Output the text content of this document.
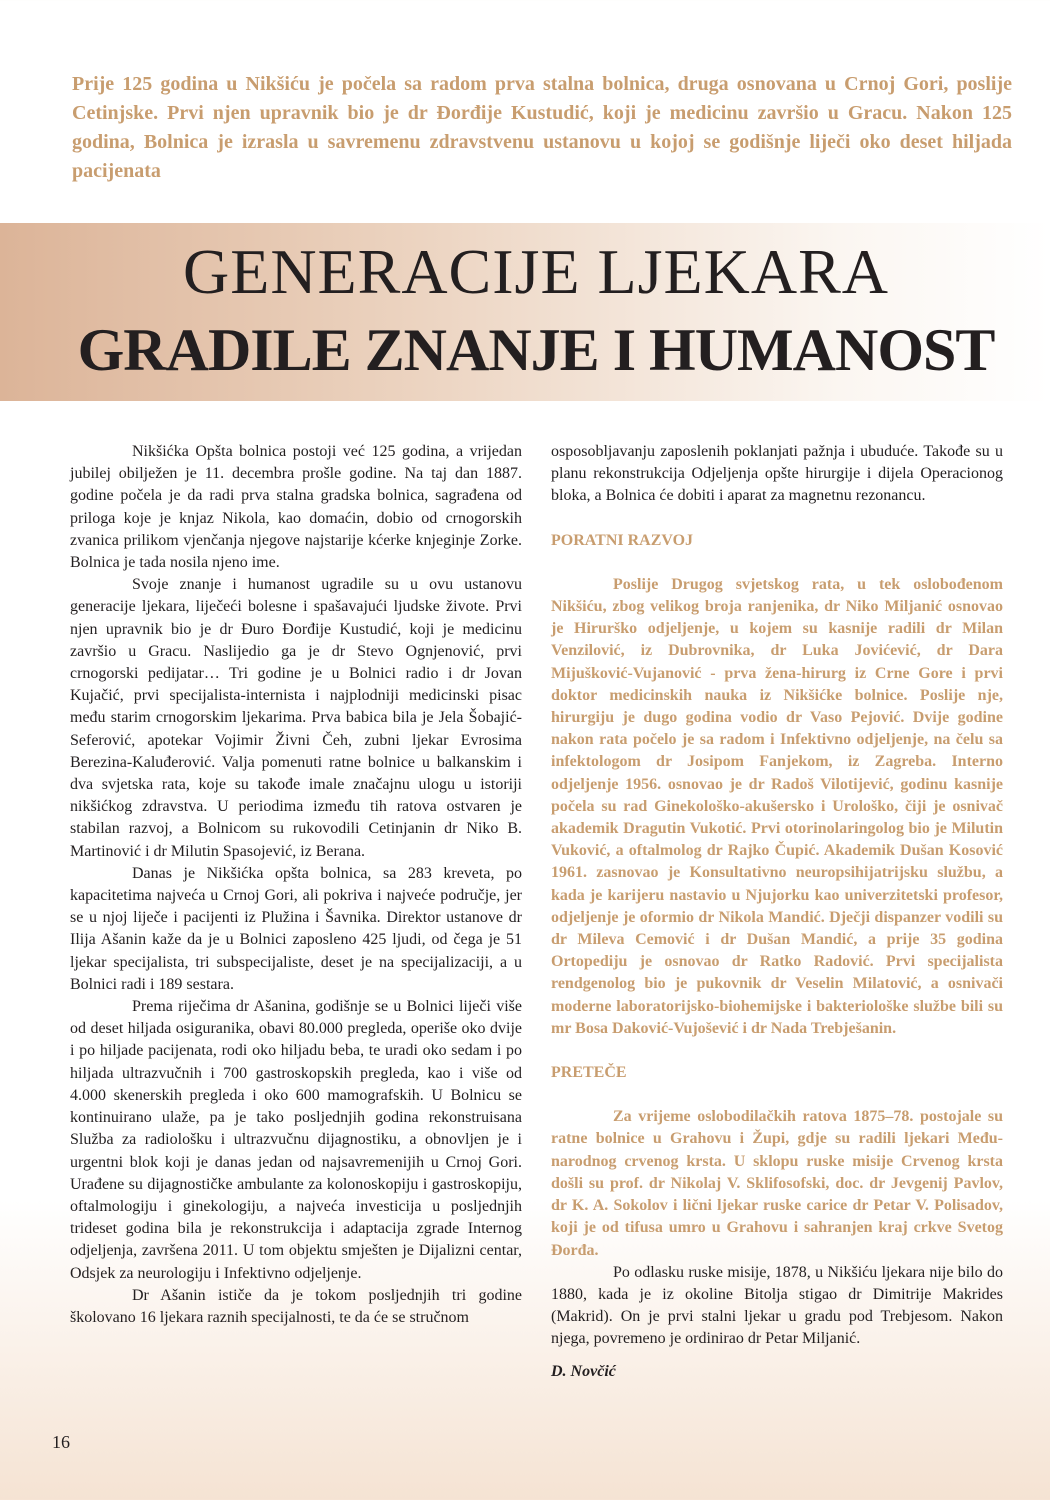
Prije 125 godina u Nikšiću je počela sa radom prva stalna bolnica, druga osnovana u Crnoj Gori, poslije Cetinjske. Prvi njen upravnik bio je dr Đorđije Kustudić, koji je medicinu završio u Gracu. Nakon 125 godina, Bolnica je izrasla u savremenu zdravstvenu ustanovu u kojoj se godišnje liječi oko deset hiljada pacijenata

GENERACIJE LJEKARA
GRADILE ZNANJE I HUMANOST

Nikšićka Opšta bolnica postoji već 125 godina, a vrijedan jubilej obilježen je 11. decembra prošle godine. Na taj dan 1887. godine počela je da radi prva stalna gradska bolnica, sagrađena od priloga koje je knjaz Nikola, kao domaćin, dobio od crnogorskih zvanica prilikom vjenčanja njegove najstarije kćerke knjeginje Zorke. Bolnica je tada nosila njeno ime.

Svoje znanje i humanost ugradile su u ovu ustanovu generacije ljekara, liječeći bolesne i spašavajući ljudske živote. Prvi njen upravnik bio je dr Đuro Đorđije Kustudić, koji je medicinu završio u Gracu. Naslijedio ga je dr Stevo Ognjenović, prvi crnogorski pedijatar… Tri godine je u Bolnici radio i dr Jovan Kujačić, prvi specijalista-internista i najplodniji medicinski pisac među starim crnogorskim ljekarima. Prva babica bila je Jela Šobajić-Seferović, apotekar Vojimir Živni Čeh, zubni ljekar Evrosima Berezina-Kaluđerović. Valja pomenuti ratne bolnice u balkanskim i dva svjetska rata, koje su takođe imale značajnu ulogu u istoriji nikšićkog zdravstva. U periodima između tih ratova ostvaren je stabilan razvoj, a Bolnicom su rukovodili Cetinjanin dr Niko B. Martinović i dr Milutin Spasojević, iz Berana.

Danas je Nikšićka opšta bolnica, sa 283 kreveta, po kapacitetima najveća u Crnoj Gori, ali pokriva i najveće područje, jer se u njoj liječe i pacijenti iz Plužina i Šavnika. Direktor ustanove dr Ilija Ašanin kaže da je u Bolnici zaposleno 425 ljudi, od čega je 51 ljekar specijalista, tri subspecijaliste, deset je na specijalizaciji, a u Bolnici radi i 189 sestara.

Prema riječima dr Ašanina, godišnje se u Bolnici liječi više od deset hiljada osiguranika, obavi 80.000 pregleda, operiše oko dvije i po hiljade pacijenata, rodi oko hiljadu beba, te uradi oko sedam i po hiljada ultrazvučnih i 700 gastroskopskih pregleda, kao i više od 4.000 skenerskih pregleda i oko 600 mamografskih. U Bolnicu se kontinuirano ulaže, pa je tako posljednjih godina rekonstruisana Služba za radiološku i ultrazvučnu dijagnostiku, a obnovljen je i urgentni blok koji je danas jedan od najsavremenijih u Crnoj Gori. Urađene su dijagnostičke ambulante za kolonoskopiju i gastroskopiju, oftalmologiju i ginekologiju, a najveća investicija u posljednjih trideset godina bila je rekonstrukcija i adaptacija zgrade Internog odjeljenja, završena 2011. U tom objektu smješten je Dijalizni centar, Odsjek za neurologiju i Infektivno odjeljenje.

Dr Ašanin ističe da je tokom posljednjih tri godine školovano 16 ljekara raznih specijalnosti, te da će se stručnom

osposobljavanju zaposlenih poklanjati pažnja i ubuduće. Takođe su u planu rekonstrukcija Odjeljenja opšte hirurgije i dijela Operacionog bloka, a Bolnica će dobiti i aparat za magnetnu rezonancu.

PORATNI RAZVOJ

Poslije Drugog svjetskog rata, u tek oslobođenom Nikšiću, zbog velikog broja ranjenika, dr Niko Miljanić osnovao je Hirurško odjeljenje, u kojem su kasnije radili dr Milan Venzilović, iz Dubrovnika, dr Luka Jovićević, dr Dara Mijušković-Vujanović - prva žena-hirurg iz Crne Gore i prvi doktor medicinskih nauka iz Nikšićke bolnice. Poslije nje, hirurgiju je dugo godina vodio dr Vaso Pejović. Dvije godine nakon rata počelo je sa radom i Infektivno odjeljenje, na čelu sa infektologom dr Josipom Fanjekom, iz Zagreba. Interno odjeljenje 1956. osnovao je dr Radoš Vilotijević, godinu kasnije počela su rad Ginekološko-akušersko i Urološko, čiji je osnivač akademik Dragutin Vukotić. Prvi otorinolaringolog bio je Milutin Vuković, a oftalmolog dr Rajko Čupić. Akademik Dušan Kosović 1961. zasnovao je Konsultativno neuropsihijatrijsku službu, a kada je karijeru nastavio u Njujorku kao univerzitetski profesor, odjeljenje je oformio dr Nikola Mandić. Dječji dispanzer vodili su dr Mileva Cemović i dr Dušan Mandić, a prije 35 godina Ortopediju je osnovao dr Ratko Radović. Prvi specijalista rendgenolog bio je pukovnik dr Veselin Milatović, a osnivači moderne laboratorijsko-biohemijske i bakteriološke službe bili su mr Bosa Daković-Vujošević i dr Nada Trebješanin.

PRETEČE

Za vrijeme oslobodilačkih ratova 1875–78. postojale su ratne bolnice u Grahovu i Župi, gdje su radili ljekari Među- narodnog crvenog krsta. U sklopu ruske misije Crvenog krsta došli su prof. dr Nikolaj V. Sklifosofski, doc. dr Jevgenij Pavlov, dr K. A. Sokolov i lični ljekar ruske carice dr Petar V. Polisadov, koji je od tifusa umro u Grahovu i sahranjen kraj crkve Svetog Đorđa.

Po odlasku ruske misije, 1878, u Nikšiću ljekara nije bilo do 1880, kada je iz okoline Bitolja stigao dr Dimitrije Makrides (Makrid). On je prvi stalni ljekar u gradu pod Trebjesom. Nakon njega, povremeno je ordinirao dr Petar Miljanić.

D. Novčić

16
